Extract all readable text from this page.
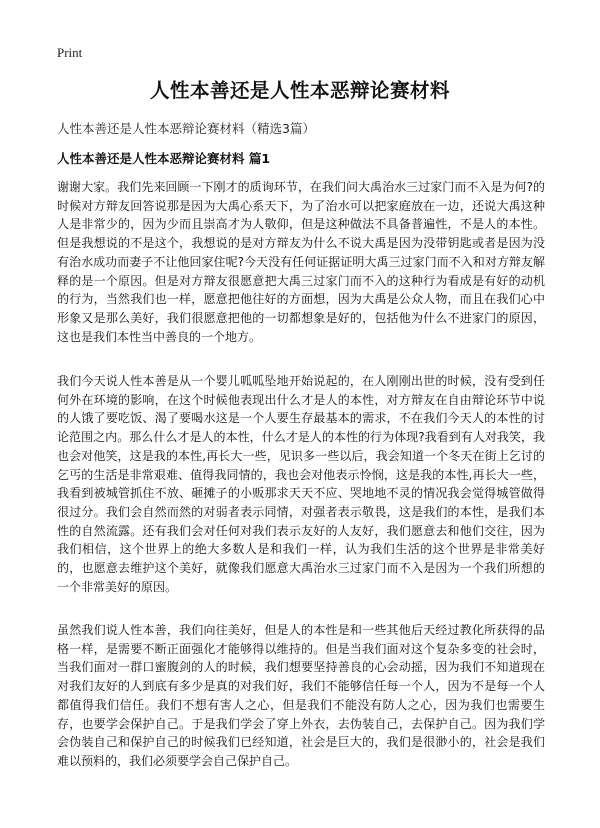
Print
人性本善还是人性本恶辩论赛材料
人性本善还是人性本恶辩论赛材料（精选3篇）
人性本善还是人性本恶辩论赛材料 篇1

谢谢大家。我们先来回顾一下刚才的质询环节，在我们问大禹治水三过家门而不入是为何?的时候对方辩友回答说那是因为大禹心系天下，为了治水可以把家庭放在一边，还说大禹这种人是非常少的，因为少而且崇高才为人敬仰，但是这种做法不具备普遍性，不是人的本性。但是我想说的不是这个，我想说的是对方辩友为什么不说大禹是因为没带钥匙或者是因为没有治水成功而妻子不让他回家住呢?今天没有任何证据证明大禹三过家门而不入和对方辩友解释的是一个原因。但是对方辩友很愿意把大禹三过家门而不入的这种行为看成是有好的动机的行为，当然我们也一样，愿意把他往好的方面想，因为大禹是公众人物，而且在我们心中形象又是那么美好，我们很愿意把他的一切都想象是好的，包括他为什么不进家门的原因，这也是我们本性当中善良的一个地方。

我们今天说人性本善是从一个婴儿呱呱坠地开始说起的，在人刚刚出世的时候，没有受到任何外在环境的影响，在这个时候他表现出什么才是人的本性，对方辩友在自由辩论环节中说的人饿了要吃饭、渴了要喝水这是一个人要生存最基本的需求，不在我们今天人的本性的讨论范围之内。那么什么才是人的本性，什么才是人的本性的行为体现?我看到有人对我笑，我也会对他笑，这是我的本性,再长大一些，见识多一些以后，我会知道一个冬天在街上乞讨的乞丐的生活是非常艰难、值得我同情的，我也会对他表示怜悯，这是我的本性,再长大一些，我看到被城管抓住不放、砸摊子的小贩那求天天不应、哭地地不灵的情况我会觉得城管做得很过分。我们会自然而然的对弱者表示同情，对强者表示敬畏，这是我们的本性，是我们本性的自然流露。还有我们会对任何对我们表示友好的人友好，我们愿意去和他们交往，因为我们相信，这个世界上的绝大多数人是和我们一样，认为我们生活的这个世界是非常美好的，也愿意去维护这个美好，就像我们愿意大禹治水三过家门而不入是因为一个我们所想的一个非常美好的原因。

虽然我们说人性本善，我们向往美好，但是人的本性是和一些其他后天经过教化所获得的品格一样，是需要不断正面强化才能够得以维持的。但是当我们面对这个复杂多变的社会时，当我们面对一群口蜜腹剑的人的时候，我们想要坚持善良的心会动摇，因为我们不知道现在对我们友好的人到底有多少是真的对我们好，我们不能够信任每一个人，因为不是每一个人都值得我们信任。我们不想有害人之心，但是我们不能没有防人之心，因为我们也需要生存，也要学会保护自己。于是我们学会了穿上外衣，去伪装自己，去保护自己。因为我们学会伪装自己和保护自己的时候我们已经知道，社会是巨大的，我们是很渺小的，社会是我们难以预料的，我们必须要学会自己保护自己。
